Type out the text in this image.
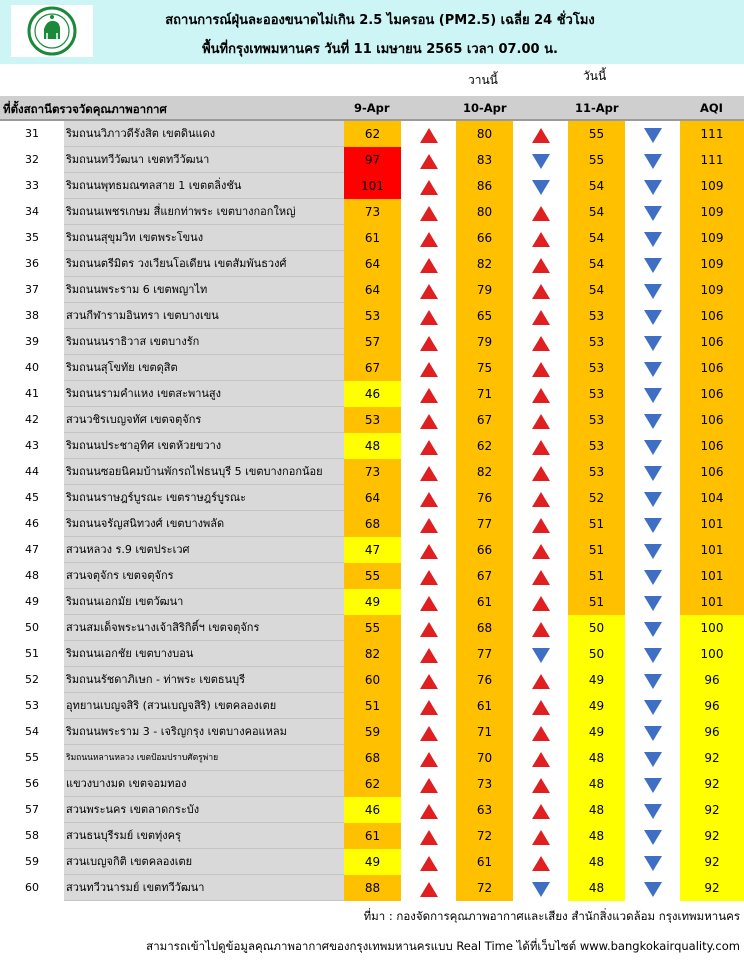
สถานการณ์ฝุ่นละอองขนาดไม่เกิน 2.5 ไมครอน (PM2.5) เฉลี่ย 24 ชั่วโมง
พื้นที่กรุงเทพมหานคร วันที่ 11 เมษายน 2565 เวลา 07.00 น.
วานนี้	วันนี้
ที่ตั้งสถานีตรวจวัดคุณภาพอากาศ	9-Apr	10-Apr	11-Apr	AQI
31	ริมถนนวิภาวดีรังสิต เขตดินแดง	62	80	55	111
32	ริมถนนทวีวัฒนา เขตทวีวัฒนา	97	83	55	111
33	ริมถนนพุทธมณฑลสาย 1 เขตตลิ่งชัน	101	86	54	109
34	ริมถนนเพชรเกษม สี่แยกท่าพระ เขตบางกอกใหญ่	73	80	54	109
35	ริมถนนสุขุมวิท เขตพระโขนง	61	66	54	109
36	ริมถนนตรีมิตร วงเวียนโอเดียน เขตสัมพันธวงศ์	64	82	54	109
37	ริมถนนพระราม 6 เขตพญาไท	64	79	54	109
38	สวนกีฬารามอินทรา เขตบางเขน	53	65	53	106
39	ริมถนนนราธิวาส เขตบางรัก	57	79	53	106
40	ริมถนนสุโขทัย เขตดุสิต	67	75	53	106
41	ริมถนนรามคำแหง เขตสะพานสูง	46	71	53	106
42	สวนวชิรเบญจทัศ เขตจตุจักร	53	67	53	106
43	ริมถนนประชาอุทิศ เขตห้วยขวาง	48	62	53	106
44	ริมถนนซอยนิคมบ้านพักรถไฟธนบุรี 5 เขตบางกอกน้อย	73	82	53	106
45	ริมถนนราษฎร์บูรณะ เขตราษฎร์บูรณะ	64	76	52	104
46	ริมถนนจรัญสนิทวงศ์ เขตบางพลัด	68	77	51	101
47	สวนหลวง ร.9 เขตประเวศ	47	66	51	101
48	สวนจตุจักร เขตจตุจักร	55	67	51	101
49	ริมถนนเอกมัย เขตวัฒนา	49	61	51	101
50	สวนสมเด็จพระนางเจ้าสิริกิติ์ฯ เขตจตุจักร	55	68	50	100
51	ริมถนนเอกชัย เขตบางบอน	82	77	50	100
52	ริมถนนรัชดาภิเษก - ท่าพระ เขตธนบุรี	60	76	49	96
53	อุทยานเบญจสิริ (สวนเบญจสิริ) เขตคลองเตย	51	61	49	96
54	ริมถนนพระราม 3 - เจริญกรุง เขตบางคอแหลม	59	71	49	96
55	ริมถนนหลานหลวง เขตป้อมปราบศัตรูพ่าย	68	70	48	92
56	แขวงบางมด เขตจอมทอง	62	73	48	92
57	สวนพระนคร เขตลาดกระบัง	46	63	48	92
58	สวนธนบุรีรมย์ เขตทุ่งครุ	61	72	48	92
59	สวนเบญจกิติ เขตคลองเตย	49	61	48	92
60	สวนทวีวนารมย์ เขตทวีวัฒนา	88	72	48	92
ที่มา : กองจัดการคุณภาพอากาศและเสียง สำนักสิ่งแวดล้อม กรุงเทพมหานคร
สามารถเข้าไปดูข้อมูลคุณภาพอากาศของกรุงเทพมหานครแบบ Real Time ได้ที่เว็บไซต์ www.bangkokairquality.com
